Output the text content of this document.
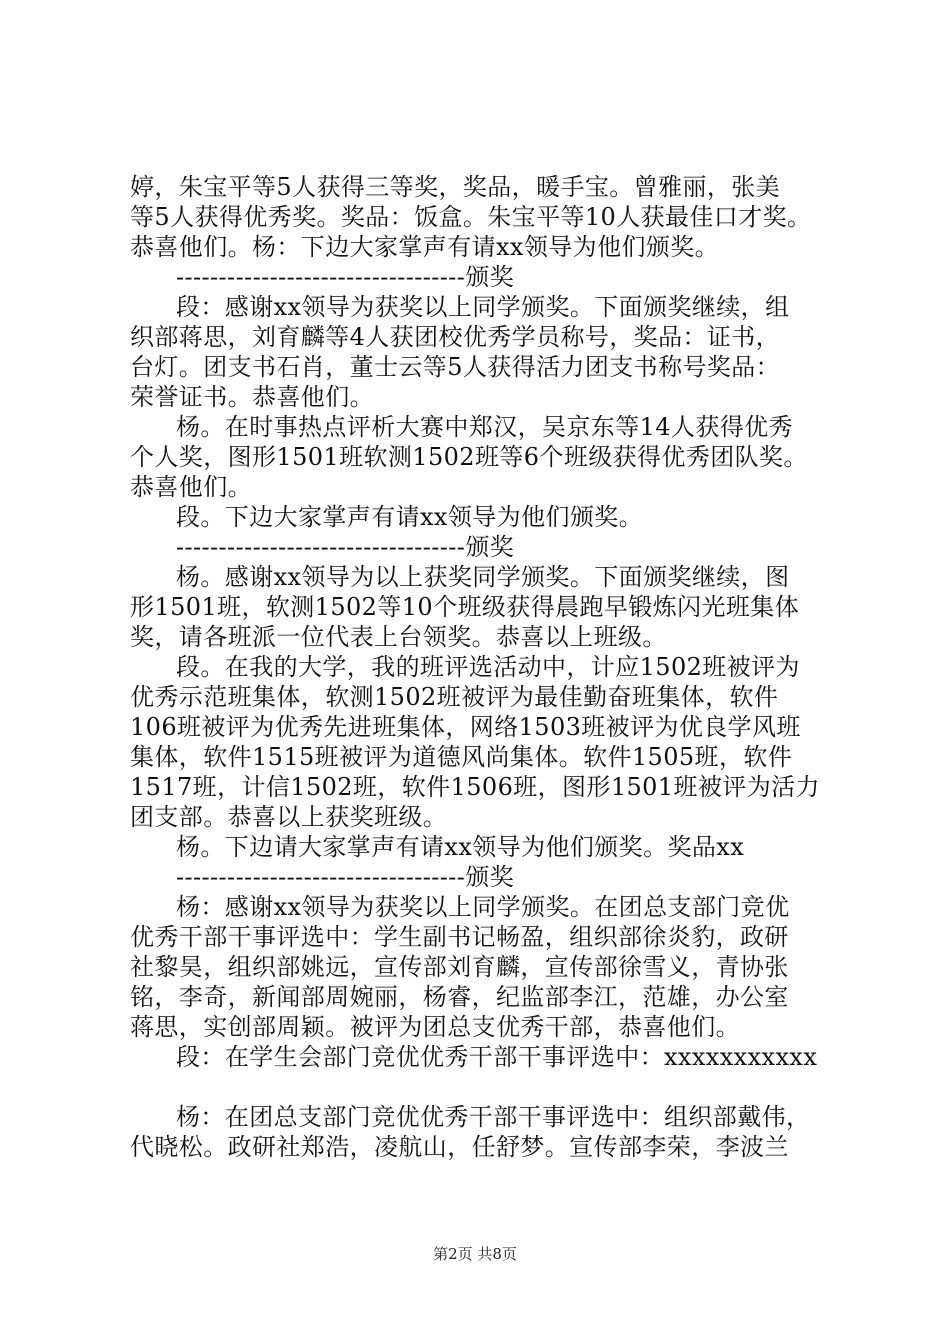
婷，朱宝平等5人获得三等奖，奖品，暖手宝。曾雅丽，张美
等5人获得优秀奖。奖品：饭盒。朱宝平等10人获最佳口才奖。
恭喜他们。杨：下边大家掌声有请xx领导为他们颁奖。
----------------------------------颁奖
段：感谢xx领导为获奖以上同学颁奖。下面颁奖继续，组
织部蒋思，刘育麟等4人获团校优秀学员称号，奖品：证书，
台灯。团支书石肖，董士云等5人获得活力团支书称号奖品：
荣誉证书。恭喜他们。
杨。在时事热点评析大赛中郑汉，吴京东等14人获得优秀
个人奖，图形1501班软测1502班等6个班级获得优秀团队奖。
恭喜他们。
段。下边大家掌声有请xx领导为他们颁奖。
----------------------------------颁奖
杨。感谢xx领导为以上获奖同学颁奖。下面颁奖继续，图
形1501班，软测1502等10个班级获得晨跑早锻炼闪光班集体
奖，请各班派一位代表上台领奖。恭喜以上班级。
段。在我的大学，我的班评选活动中，计应1502班被评为
优秀示范班集体，软测1502班被评为最佳勤奋班集体，软件
106班被评为优秀先进班集体，网络1503班被评为优良学风班
集体，软件1515班被评为道德风尚集体。软件1505班，软件
1517班，计信1502班，软件1506班，图形1501班被评为活力
团支部。恭喜以上获奖班级。
杨。下边请大家掌声有请xx领导为他们颁奖。奖品xx
----------------------------------颁奖
杨：感谢xx领导为获奖以上同学颁奖。在团总支部门竞优
优秀干部干事评选中：学生副书记畅盈，组织部徐炎豹，政研
社黎昊，组织部姚远，宣传部刘育麟，宣传部徐雪义，青协张
铭，李奇，新闻部周婉丽，杨睿，纪监部李江，范雄，办公室
蒋思，实创部周颖。被评为团总支优秀干部，恭喜他们。
段：在学生会部门竞优优秀干部干事评选中：xxxxxxxxxxx
杨：在团总支部门竞优优秀干部干事评选中：组织部戴伟，
代晓松。政研社郑浩，凌航山，任舒梦。宣传部李荣，李波兰
第2页 共8页
